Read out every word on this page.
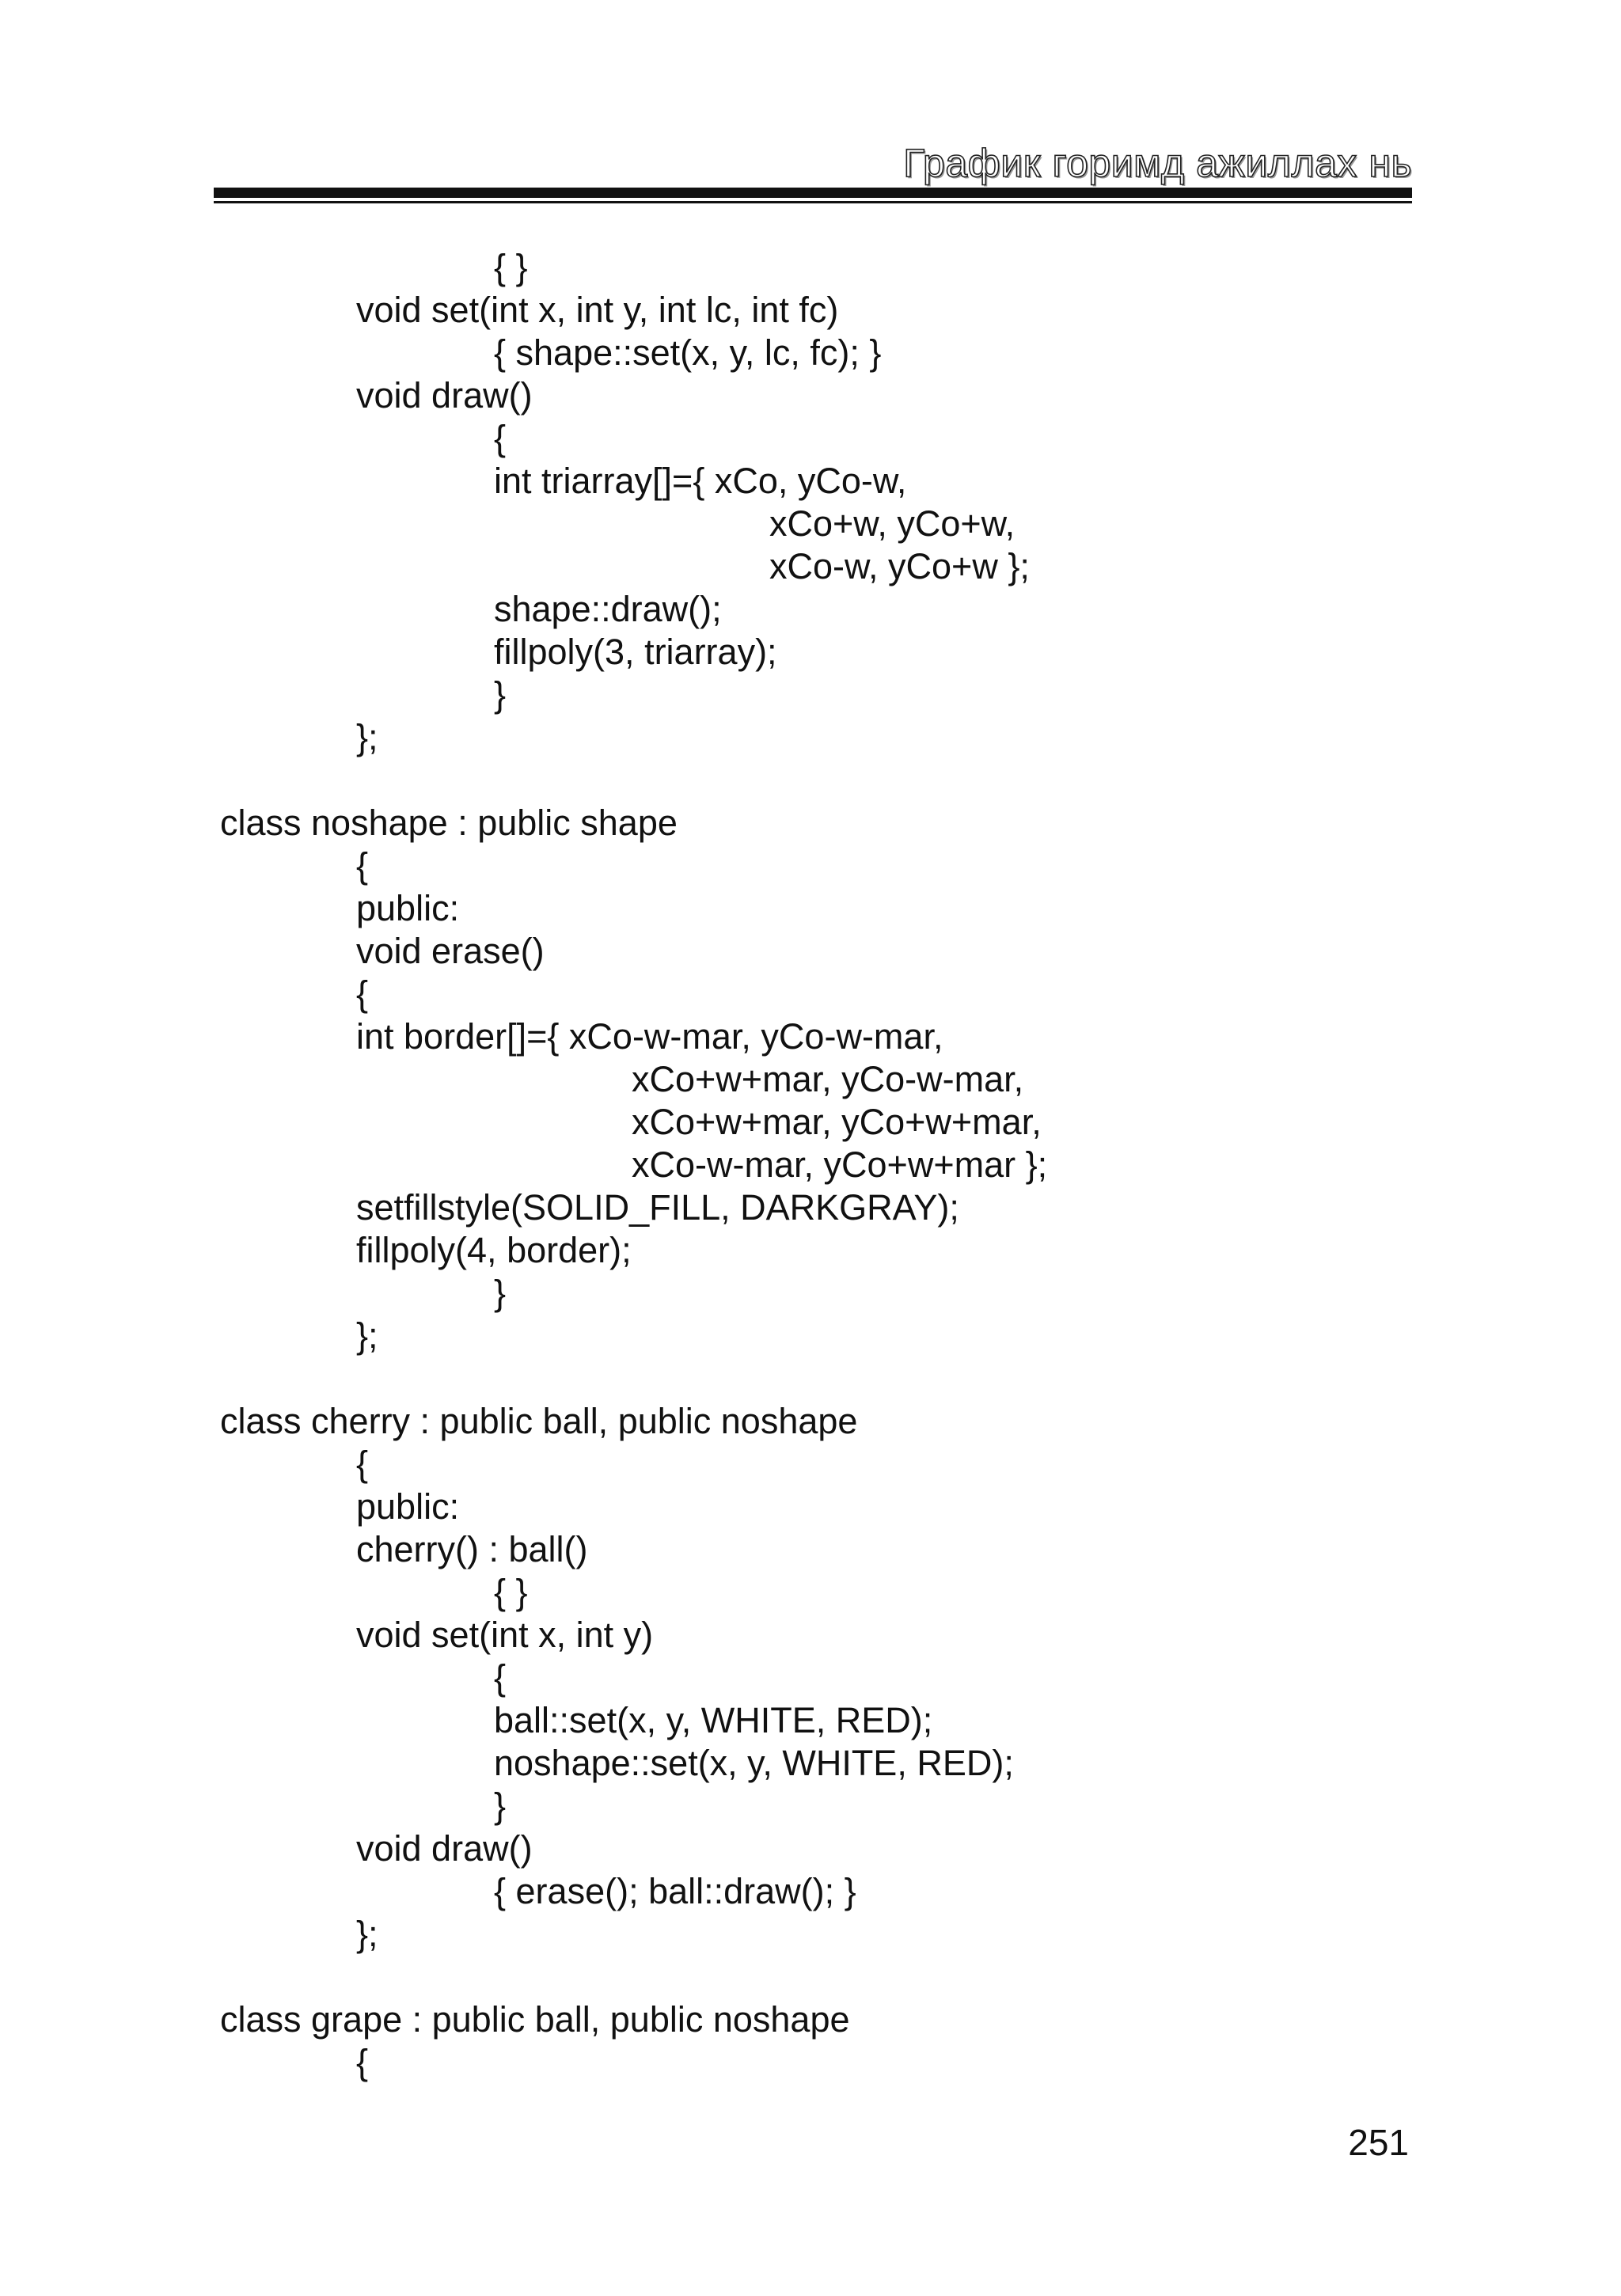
График горимд ажиллах нь
{ }
void set(int x, int y, int lc, int fc)
{ shape::set(x, y, lc, fc); }
void draw()
{
int triarray[]={ xCo, yCo-w,
xCo+w, yCo+w,
xCo-w, yCo+w };
shape::draw();
fillpoly(3, triarray);
}
};
class noshape : public shape
{
public:
void erase()
{
int border[]={ xCo-w-mar, yCo-w-mar,
xCo+w+mar, yCo-w-mar,
xCo+w+mar, yCo+w+mar,
xCo-w-mar, yCo+w+mar };
setfillstyle(SOLID_FILL, DARKGRAY);
fillpoly(4, border);
}
};
class cherry : public ball, public noshape
{
public:
cherry() : ball()
{ }
void set(int x, int y)
{
ball::set(x, y, WHITE, RED);
noshape::set(x, y, WHITE, RED);
}
void draw()
{ erase(); ball::draw(); }
};
class grape : public ball, public noshape
{
251
